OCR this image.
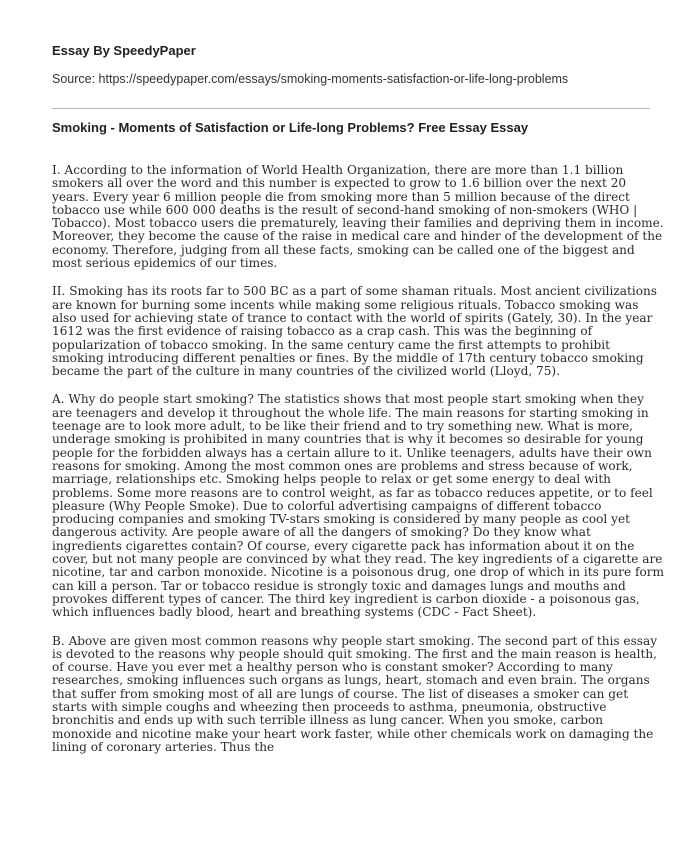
Essay By SpeedyPaper
Source: https://speedypaper.com/essays/smoking-moments-satisfaction-or-life-long-problems
Smoking - Moments of Satisfaction or Life-long Problems? Free Essay Essay

I. According to the information of World Health Organization, there are more than 1.1 billion smokers all over the word and this number is expected to grow to 1.6 billion over the next 20 years. Every year 6 million people die from smoking more than 5 million because of the direct tobacco use while 600 000 deaths is the result of second-hand smoking of non-smokers (WHO | Tobacco). Most tobacco users die prematurely, leaving their families and depriving them in income. Moreover, they become the cause of the raise in medical care and hinder of the development of the economy. Therefore, judging from all these facts, smoking can be called one of the biggest and most serious epidemics of our times.

II. Smoking has its roots far to 500 BC as a part of some shaman rituals. Most ancient civilizations are known for burning some incents while making some religious rituals. Tobacco smoking was also used for achieving state of trance to contact with the world of spirits (Gately, 30). In the year 1612 was the first evidence of raising tobacco as a crap cash. This was the beginning of popularization of tobacco smoking. In the same century came the first attempts to prohibit smoking introducing different penalties or fines. By the middle of 17th century tobacco smoking became the part of the culture in many countries of the civilized world (Lloyd, 75).

A. Why do people start smoking? The statistics shows that most people start smoking when they are teenagers and develop it throughout the whole life. The main reasons for starting smoking in teenage are to look more adult, to be like their friend and to try something new. What is more, underage smoking is prohibited in many countries that is why it becomes so desirable for young people for the forbidden always has a certain allure to it. Unlike teenagers, adults have their own reasons for smoking. Among the most common ones are problems and stress because of work, marriage, relationships etc. Smoking helps people to relax or get some energy to deal with problems. Some more reasons are to control weight, as far as tobacco reduces appetite, or to feel pleasure (Why People Smoke). Due to colorful advertising campaigns of different tobacco producing companies and smoking TV-stars smoking is considered by many people as cool yet dangerous activity. Are people aware of all the dangers of smoking? Do they know what ingredients cigarettes contain? Of course, every cigarette pack has information about it on the cover, but not many people are convinced by what they read. The key ingredients of a cigarette are nicotine, tar and carbon monoxide. Nicotine is a poisonous drug, one drop of which in its pure form can kill a person. Tar or tobacco residue is strongly toxic and damages lungs and mouths and provokes different types of cancer. The third key ingredient is carbon dioxide - a poisonous gas, which influences badly blood, heart and breathing systems (CDC - Fact Sheet).

B. Above are given most common reasons why people start smoking. The second part of this essay is devoted to the reasons why people should quit smoking. The first and the main reason is health, of course. Have you ever met a healthy person who is constant smoker? According to many researches, smoking influences such organs as lungs, heart, stomach and even brain. The organs that suffer from smoking most of all are lungs of course. The list of diseases a smoker can get starts with simple coughs and wheezing then proceeds to asthma, pneumonia, obstructive bronchitis and ends up with such terrible illness as lung cancer. When you smoke, carbon monoxide and nicotine make your heart work faster, while other chemicals work on damaging the lining of coronary arteries. Thus the
